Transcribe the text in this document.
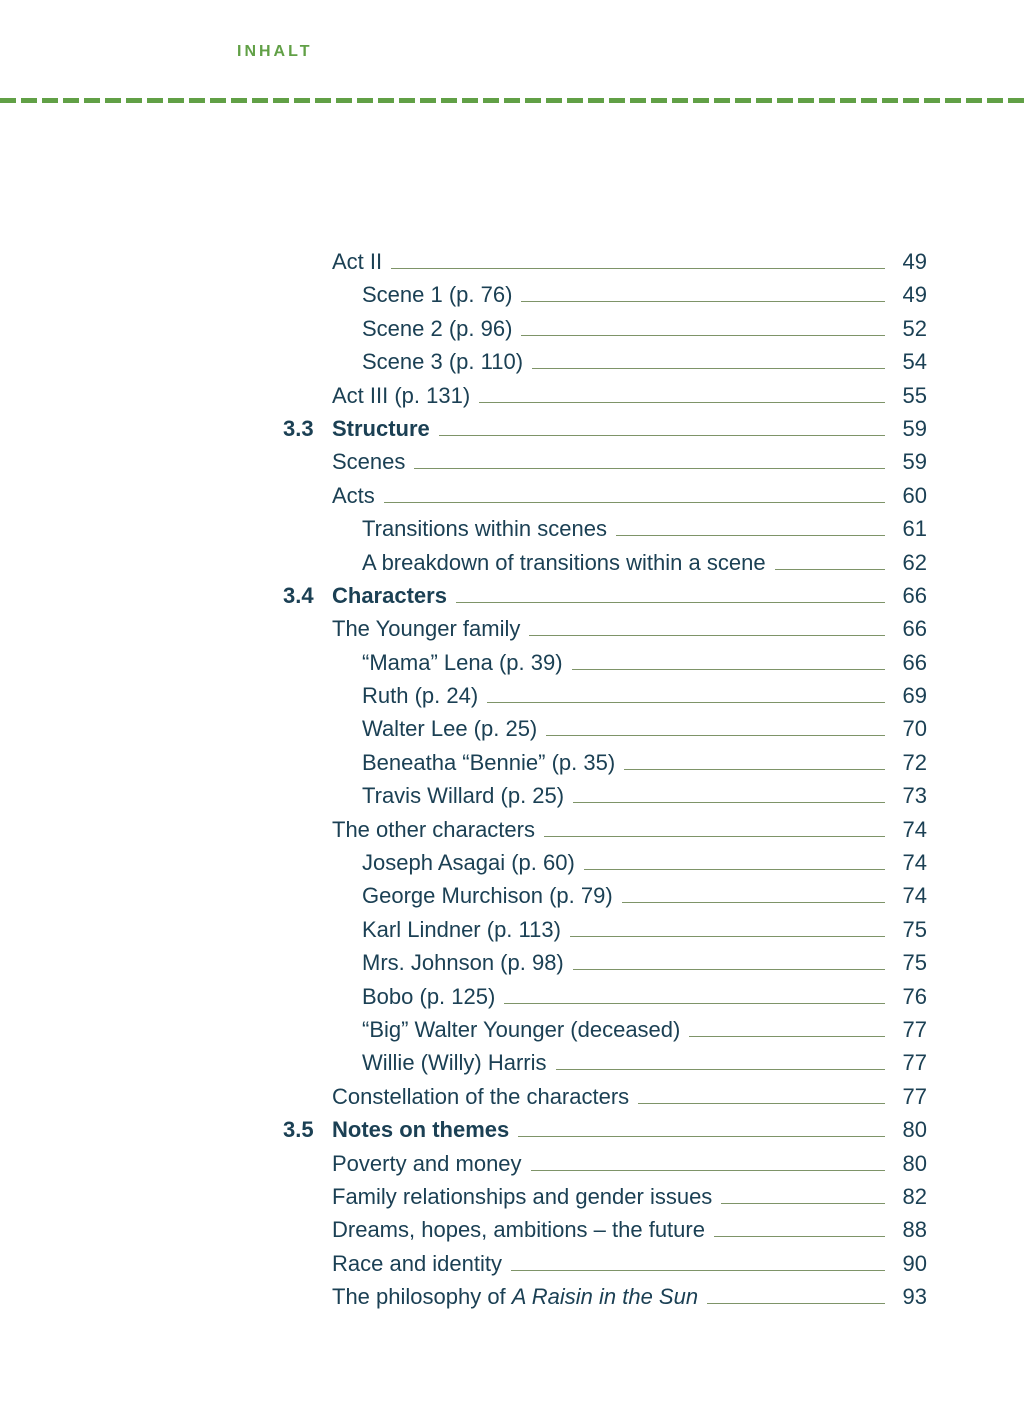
INHALT
Act II	49
Scene 1 (p. 76)	49
Scene 2 (p. 96)	52
Scene 3 (p. 110)	54
Act III (p. 131)	55
3.3 Structure	59
Scenes	59
Acts	60
Transitions within scenes	61
A breakdown of transitions within a scene	62
3.4 Characters	66
The Younger family	66
“Mama” Lena (p. 39)	66
Ruth (p. 24)	69
Walter Lee (p. 25)	70
Beneatha “Bennie” (p. 35)	72
Travis Willard (p. 25)	73
The other characters	74
Joseph Asagai (p. 60)	74
George Murchison (p. 79)	74
Karl Lindner (p. 113)	75
Mrs. Johnson (p. 98)	75
Bobo (p. 125)	76
“Big” Walter Younger (deceased)	77
Willie (Willy) Harris	77
Constellation of the characters	77
3.5 Notes on themes	80
Poverty and money	80
Family relationships and gender issues	82
Dreams, hopes, ambitions – the future	88
Race and identity	90
The philosophy of A Raisin in the Sun	93
